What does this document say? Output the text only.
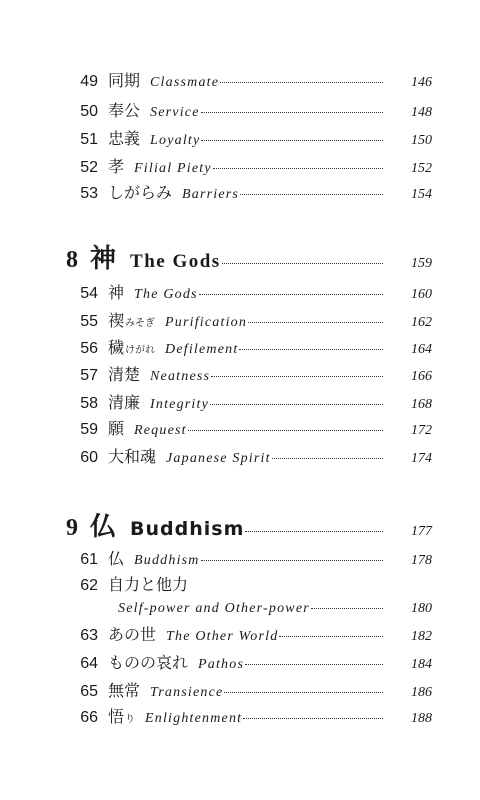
49 同期 Classmate	146
50 奉公 Service	148
51 忠義 Loyalty	150
52 孝 Filial Piety	152
53 しがらみ Barriers	154
8 神 The Gods	159
54 神 The Gods	160
55 禊 みそぎ Purification	162
56 穢 けがれ Defilement	164
57 清楚 Neatness	166
58 清廉 Integrity	168
59 願 Request	172
60 大和魂 Japanese Spirit	174
9 仏 Buddhism	177
61 仏 Buddhism	178
62 自力と他力
Self-power and Other-power	180
63 あの世 The Other World	182
64 ものの哀れ Pathos	184
65 無常 Transience	186
66 悟 り Enlightenment	188
